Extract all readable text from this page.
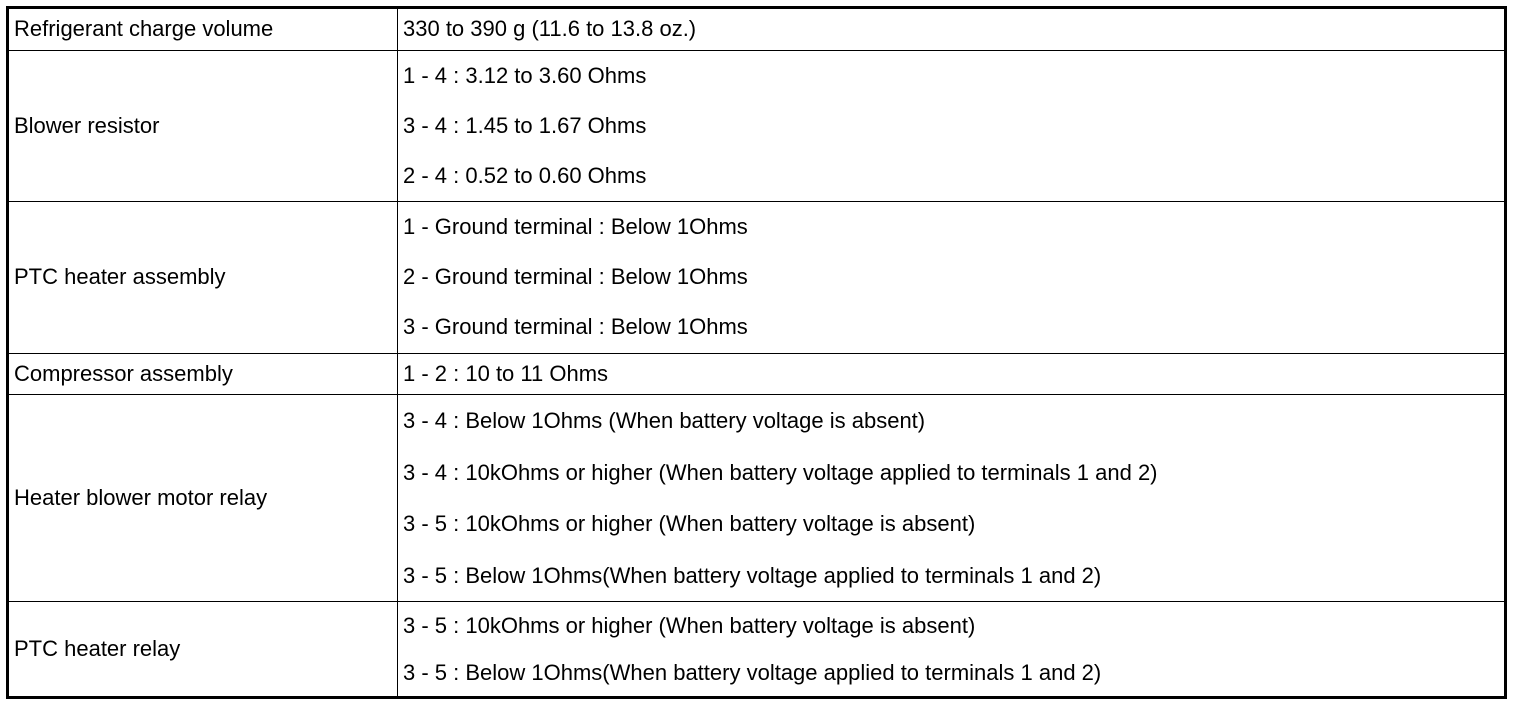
Refrigerant charge volume	330 to 390 g (11.6 to 13.8 oz.)
Blower resistor
1 - 4 : 3.12 to 3.60 Ohms
3 - 4 : 1.45 to 1.67 Ohms
2 - 4 : 0.52 to 0.60 Ohms
PTC heater assembly
1 - Ground terminal : Below 1Ohms
2 - Ground terminal : Below 1Ohms
3 - Ground terminal : Below 1Ohms
Compressor assembly	1 - 2 : 10 to 11 Ohms
Heater blower motor relay
3 - 4 : Below 1Ohms (When battery voltage is absent)
3 - 4 : 10kOhms or higher (When battery voltage applied to terminals 1 and 2)
3 - 5 : 10kOhms or higher (When battery voltage is absent)
3 - 5 : Below 1Ohms(When battery voltage applied to terminals 1 and 2)
PTC heater relay
3 - 5 : 10kOhms or higher (When battery voltage is absent)
3 - 5 : Below 1Ohms(When battery voltage applied to terminals 1 and 2)
